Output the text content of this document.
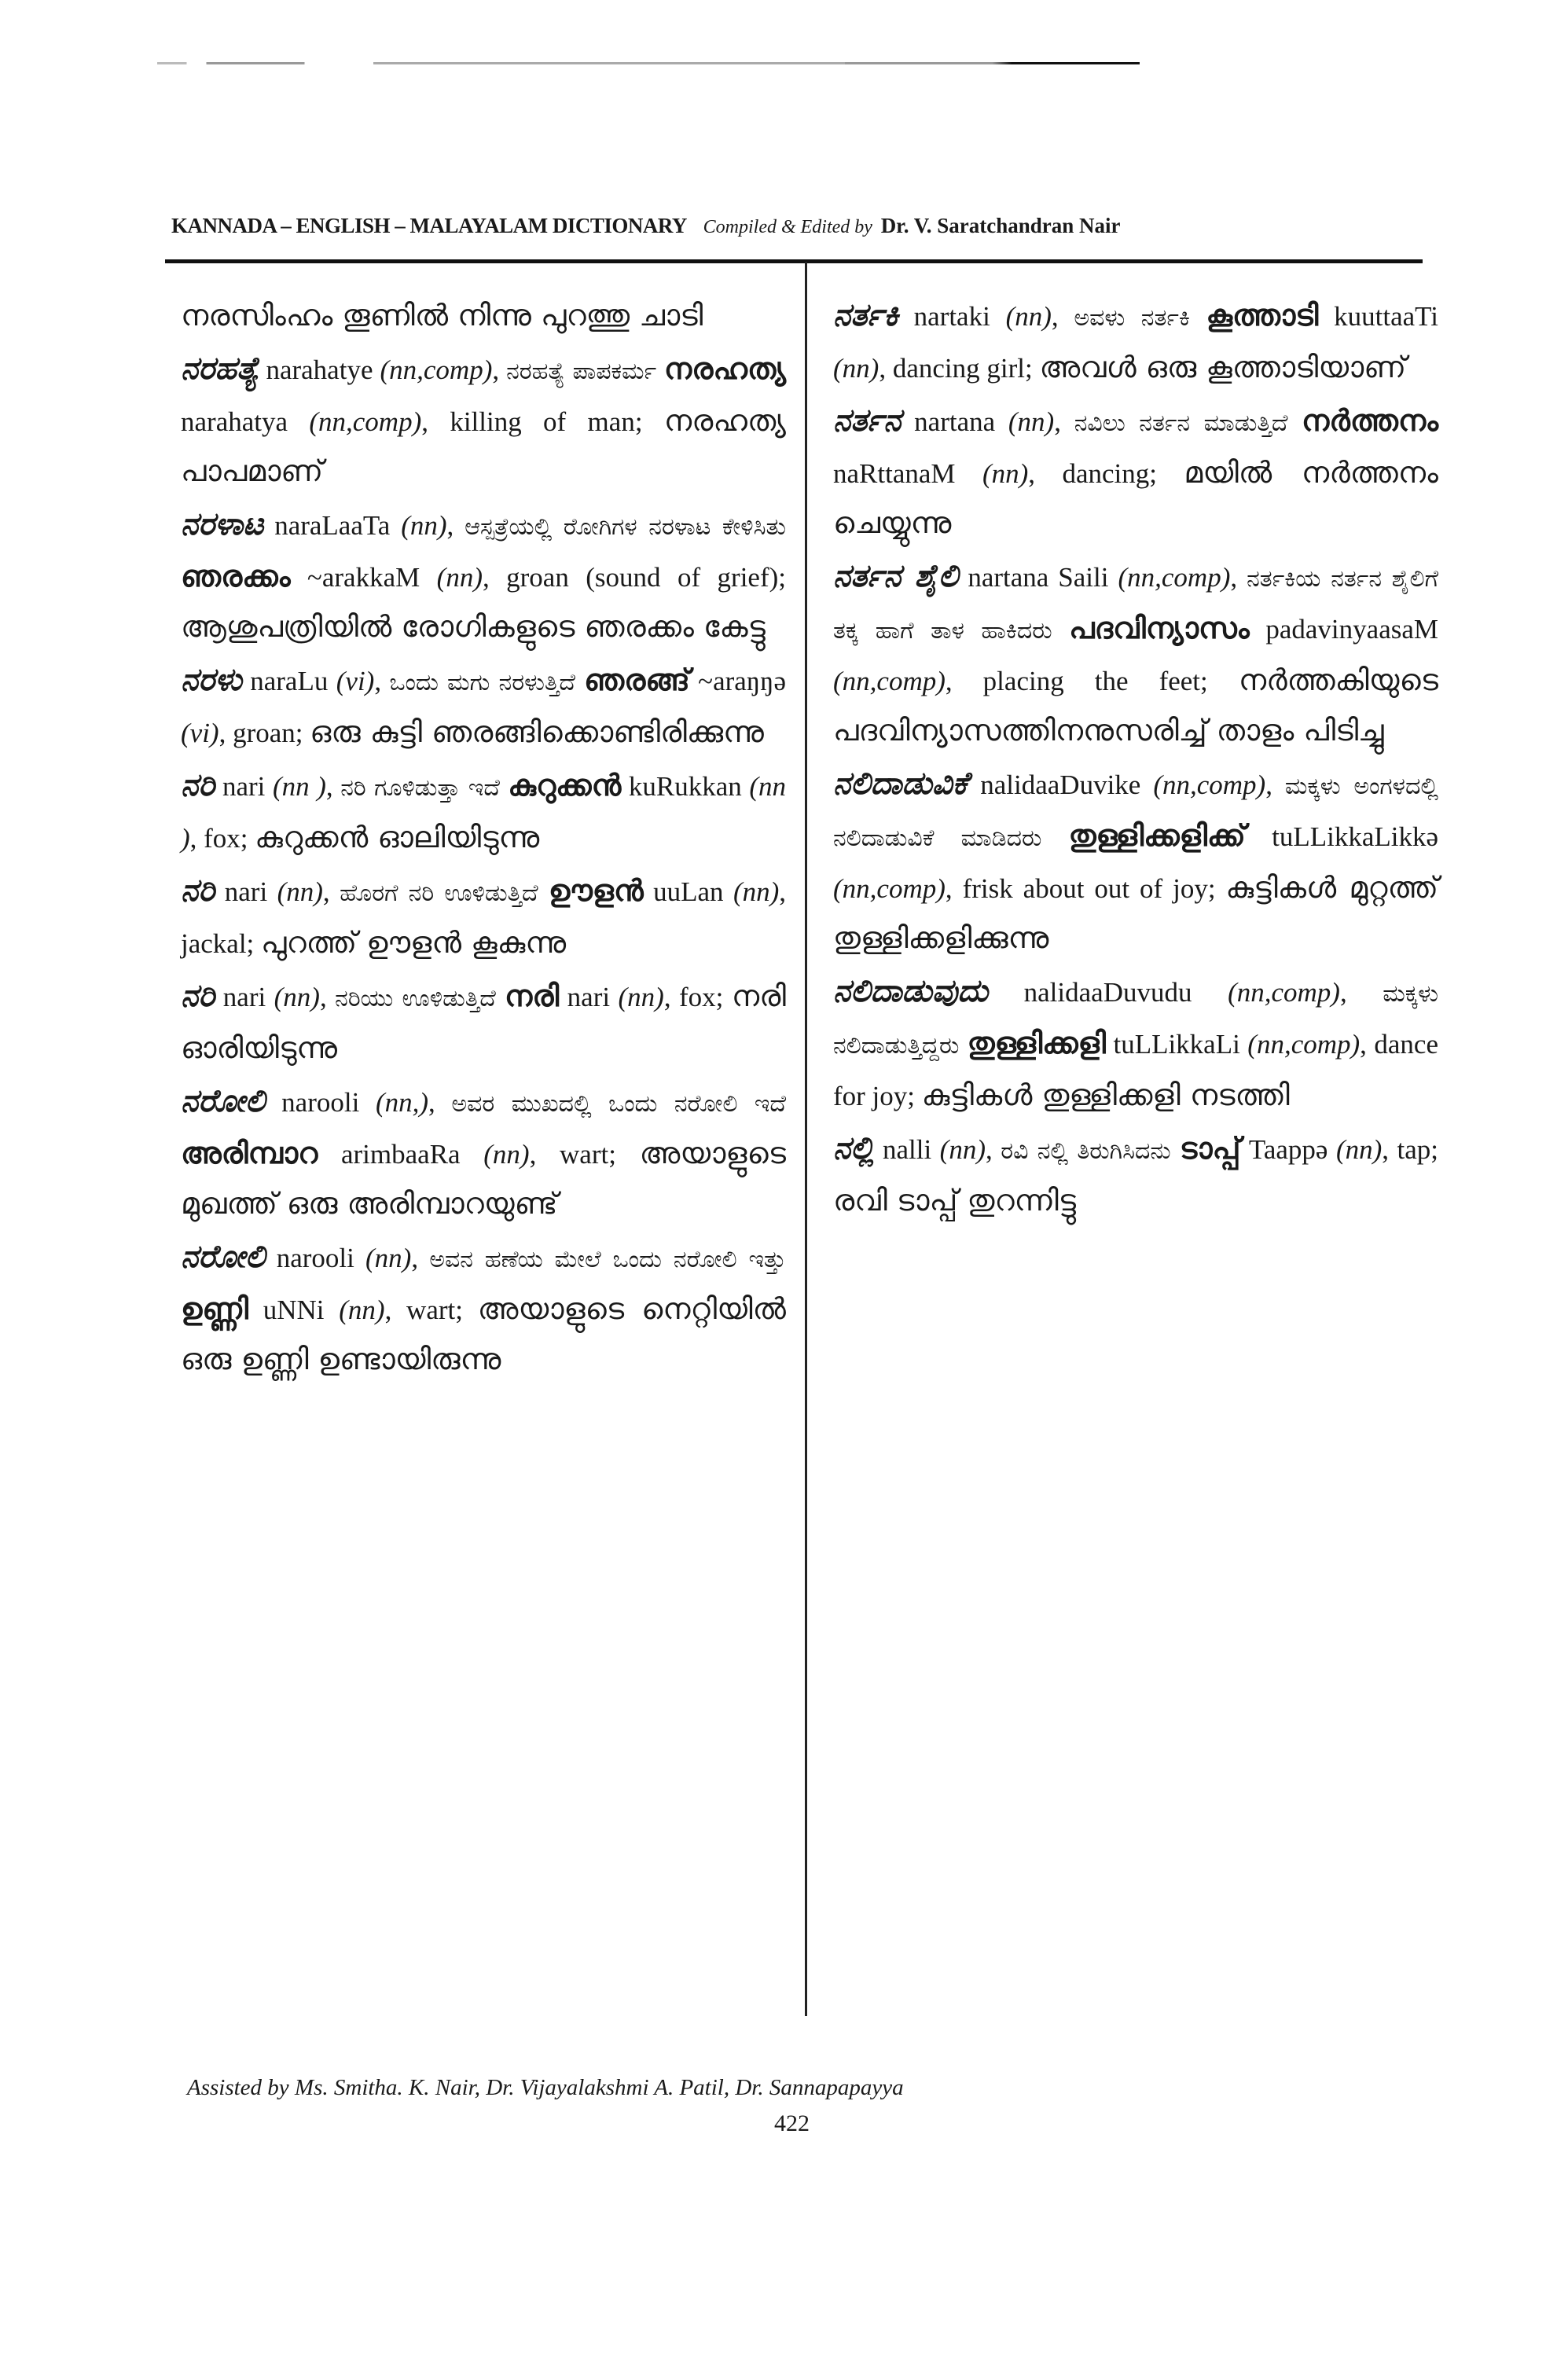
KANNADA – ENGLISH – MALAYALAM DICTIONARY Compiled & Edited by Dr. V. Saratchandran Nair
നരസിംഹം തൂണിൽ നിന്നു പുറത്തു ചാടി
ನರಹತ್ಯೆ narahatye (nn,comp), ನರಹತ್ಯೆ ಪಾಪಕರ್ಮ നരഹത്യ narahatya (nn,comp), killing of man; നരഹത്യ പാപമാണ്
ನರಳಾಟ naraLaaTa (nn), ಆಸ್ಪತ್ರೆಯಲ್ಲಿ ರೋಗಿಗಳ ನರಳಾಟ ಕೇಳಿಸಿತು ഞരക്കം ~arakkaM (nn), groan (sound of grief); ആശുപത്രിയിൽ രോഗികളുടെ ഞരക്കം കേട്ടു
ನರಳು naraLu (vi), ಒಂದು ಮಗು ನರಳುತ್ತಿದೆ ഞരങ്ങ് ~araŋŋə (vi), groan; ഒരു കുട്ടി ഞരങ്ങിക്കൊണ്ടിരിക്കുന്നു
ನರಿ nari (nn ), ನರಿ ಗೂಳಿಡುತ್ತಾ ಇದೆ കുറുക്കൻ kuRukkan (nn ), fox; കുറുക്കൻ ഓലിയിടുന്നു
ನರಿ nari (nn), ಹೊರಗೆ ನರಿ ಊಳಿಡುತ್ತಿದೆ ഊളൻ uuLan (nn), jackal; പുറത്ത് ഊളൻ കൂകുന്നു
ನರಿ nari (nn), ನರಿಯು ಊಳಿಡುತ್ತಿದೆ നരി nari (nn), fox; നരി ഓരിയിടുന്നു
ನರೋಲಿ narooli (nn,), ಅವರ ಮುಖದಲ್ಲಿ ಒಂದು ನರೋಲಿ ಇದೆ അരിമ്പാറ arimbaaRa (nn), wart; അയാളുടെ മുഖത്ത് ഒരു അരിമ്പാറയുണ്ട്
ನರೋಲಿ narooli (nn), ಅವನ ಹಣೆಯ ಮೇಲೆ ಒಂದು ನರೋಲಿ ಇತ್ತು ഉണ്ണി uNNi (nn), wart; അയാളുടെ നെറ്റിയിൽ ഒരു ഉണ്ണി ഉണ്ടായിരുന്നു
ನರ್ತಕಿ nartaki (nn), ಅವಳು ನರ್ತಕಿ കൂത്താടി kuuttaaTi (nn), dancing girl; അവൾ ഒരു കൂത്താടിയാണ്
ನರ್ತನ nartana (nn), ನವಿಲು ನರ್ತನ ಮಾಡುತ್ತಿದೆ നർത്തനം naRttanaM (nn), dancing; മയിൽ നർത്തനം ചെയ്യുന്നു
ನರ್ತನ ಶೈಲಿ nartana Saili (nn,comp), ನರ್ತಕಿಯ ನರ್ತನ ಶೈಲಿಗೆ ತಕ್ಕ ಹಾಗೆ ತಾಳ ಹಾಕಿದರು പദവിന്യാസം padavinyaasaM (nn,comp), placing the feet; നർത്തകിയുടെ പദവിന്യാസത്തിനനുസരിച്ച് താളം പിടിച്ചു
ನಲಿದಾಡುವಿಕೆ nalidaaDuvike (nn,comp), ಮಕ್ಕಳು ಅಂಗಳದಲ್ಲಿ ನಲಿದಾಡುವಿಕೆ ಮಾಡಿದರು തുള്ളിക്കളിക്ക് tuLLikkaLikkə (nn,comp), frisk about out of joy; കുട്ടികൾ മുറ്റത്ത് തുള്ളിക്കളിക്കുന്നു
ನಲಿದಾಡುವುದು nalidaaDuvudu (nn,comp), ಮಕ್ಕಳು ನಲಿದಾಡುತ್ತಿದ್ದರು തുള്ളിക്കളി tuLLikkaLi (nn,comp), dance for joy; കുട്ടികൾ തുള്ളിക്കളി നടത്തി
ನಲ್ಲಿ nalli (nn), ರವಿ ನಲ್ಲಿ ತಿರುಗಿಸಿದನು ടാപ്പ് Taappə (nn), tap; രവി ടാപ്പ് തുറന്നിട്ടു
Assisted by Ms. Smitha. K. Nair, Dr. Vijayalakshmi A. Patil, Dr. Sannapapayya
422
